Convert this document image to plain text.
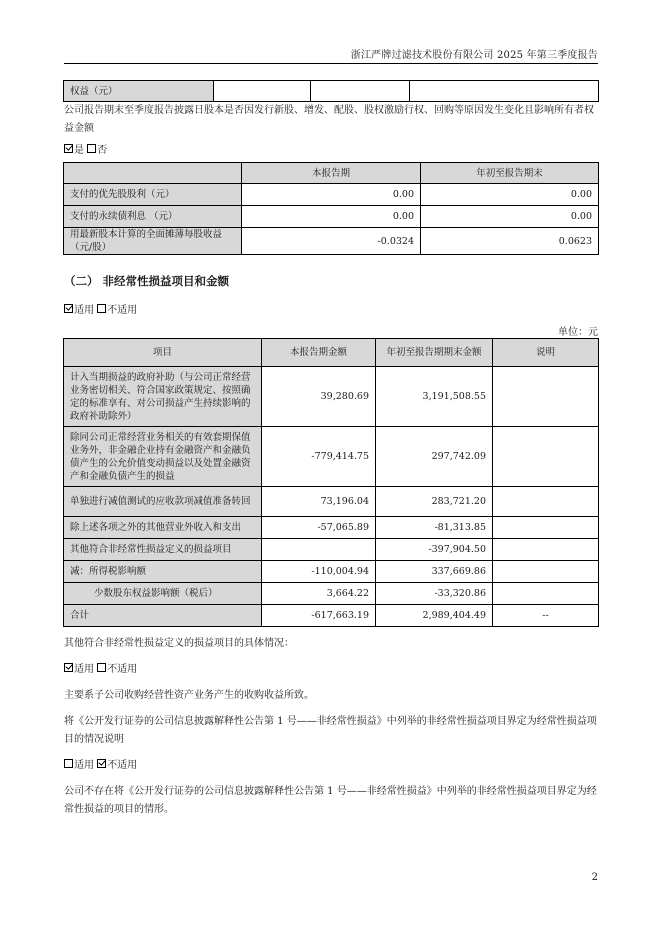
浙江严牌过滤技术股份有限公司 2025 年第三季度报告
权益（元）			
公司报告期末至季度报告披露日股本是否因发行新股、增发、配股、股权激励行权、回购等原因发生变化且影响所有者权益金额
是 否
	本报告期	年初至报告期末
支付的优先股股利（元）	0.00	0.00
支付的永续债利息 （元）	0.00	0.00
用最新股本计算的全面摊薄每股收益（元/股）	-0.0324	0.0623
（二） 非经常性损益项目和金额
适用 不适用
单位：元
项目	本报告期金额	年初至报告期期末金额	说明
计入当期损益的政府补助（与公司正常经营业务密切相关、符合国家政策规定、按照确定的标准享有、对公司损益产生持续影响的政府补助除外）	39,280.69	3,191,508.55	
除同公司正常经营业务相关的有效套期保值业务外，非金融企业持有金融资产和金融负债产生的公允价值变动损益以及处置金融资产和金融负债产生的损益	-779,414.75	297,742.09	
单独进行减值测试的应收款项减值准备转回	73,196.04	283,721.20	
除上述各项之外的其他营业外收入和支出	-57,065.89	-81,313.85	
其他符合非经常性损益定义的损益项目		-397,904.50	
减：所得税影响额	-110,004.94	337,669.86	
少数股东权益影响额（税后）	3,664.22	-33,320.86	
合计	-617,663.19	2,989,404.49	--
其他符合非经常性损益定义的损益项目的具体情况：
适用 不适用
主要系子公司收购经营性资产业务产生的收购收益所致。
将《公开发行证券的公司信息披露解释性公告第 1 号——非经常性损益》中列举的非经常性损益项目界定为经常性损益项目的情况说明
适用 不适用
公司不存在将《公开发行证券的公司信息披露解释性公告第 1 号——非经常性损益》中列举的非经常性损益项目界定为经常性损益的项目的情形。
2
